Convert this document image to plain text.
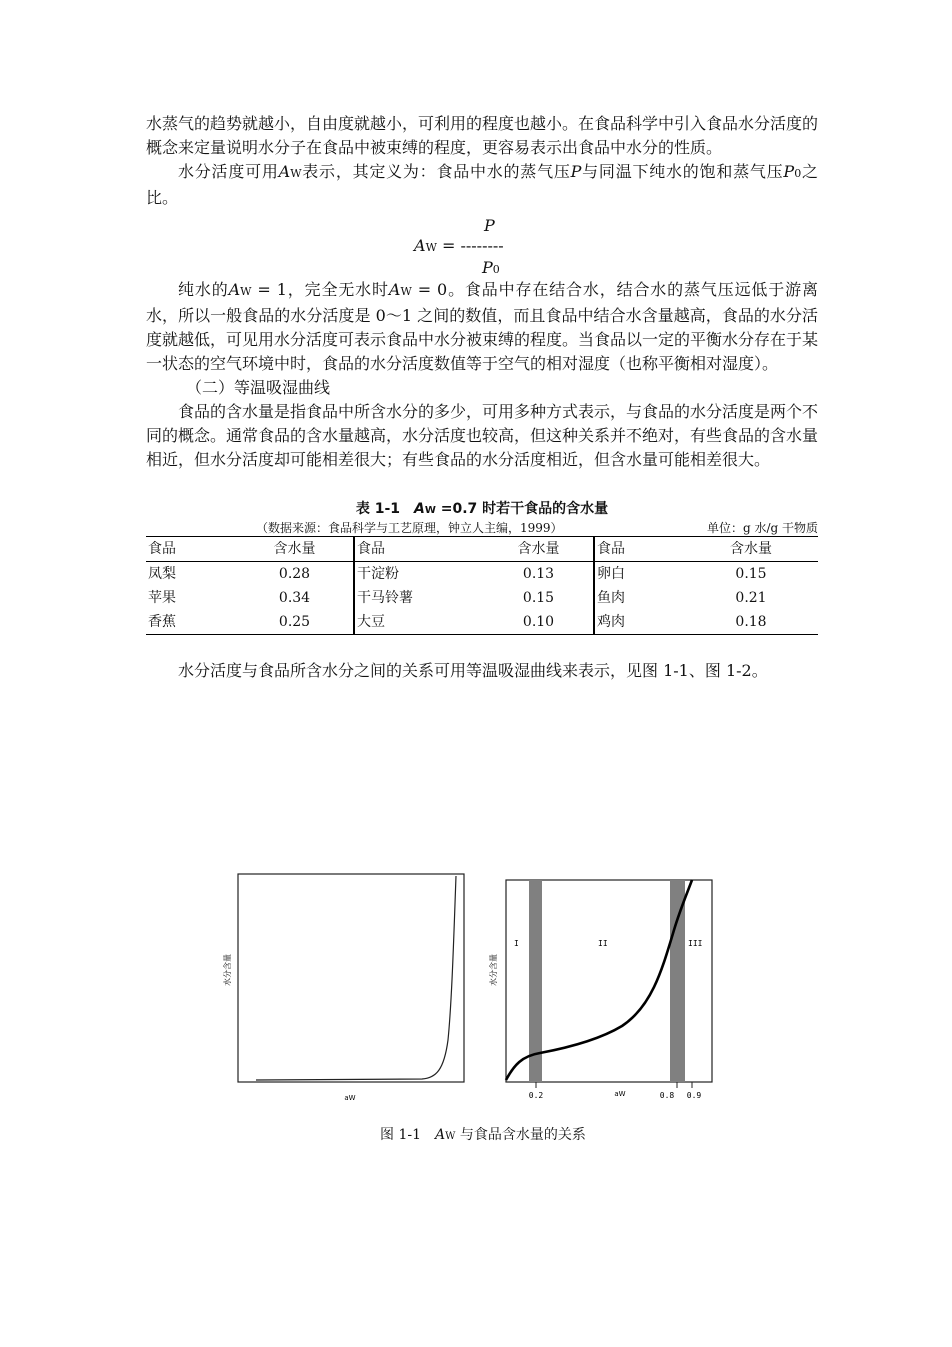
水蒸气的趋势就越小，自由度就越小，可利用的程度也越小。在食品科学中引入食品水分活度的概念来定量说明水分子在食品中被束缚的程度，更容易表示出食品中水分的性质。

水分活度可用AW表示，其定义为：食品中水的蒸气压P与同温下纯水的饱和蒸气压P0之比。

P
AW = --------
P0

纯水的AW = 1，完全无水时AW = 0。食品中存在结合水，结合水的蒸气压远低于游离水，所以一般食品的水分活度是 0～1 之间的数值，而且食品中结合水含量越高，食品的水分活度就越低，可见用水分活度可表示食品中水分被束缚的程度。当食品以一定的平衡水分存在于某一状态的空气环境中时，食品的水分活度数值等于空气的相对湿度（也称平衡相对湿度）。

（二）等温吸湿曲线

食品的含水量是指食品中所含水分的多少，可用多种方式表示，与食品的水分活度是两个不同的概念。通常食品的含水量越高，水分活度也较高，但这种关系并不绝对，有些食品的含水量相近，但水分活度却可能相差很大；有些食品的水分活度相近，但含水量可能相差很大。

表 1-1　AW =0.7 时若干食品的含水量
（数据来源：食品科学与工艺原理，钟立人主编，1999）	单位：g 水/g 干物质
食品	含水量	食品	含水量	食品	含水量
凤梨	0.28	干淀粉	0.13	卵白	0.15
苹果	0.34	干马铃薯	0.15	鱼肉	0.21
香蕉	0.25	大豆	0.10	鸡肉	0.18

水分活度与食品所含水分之间的关系可用等温吸湿曲线来表示，见图 1-1、图 1-2。

水分含量
aW
I	II	III
0.2	aW	0.8 0.9
水分含量
图 1-1　AW 与食品含水量的关系
